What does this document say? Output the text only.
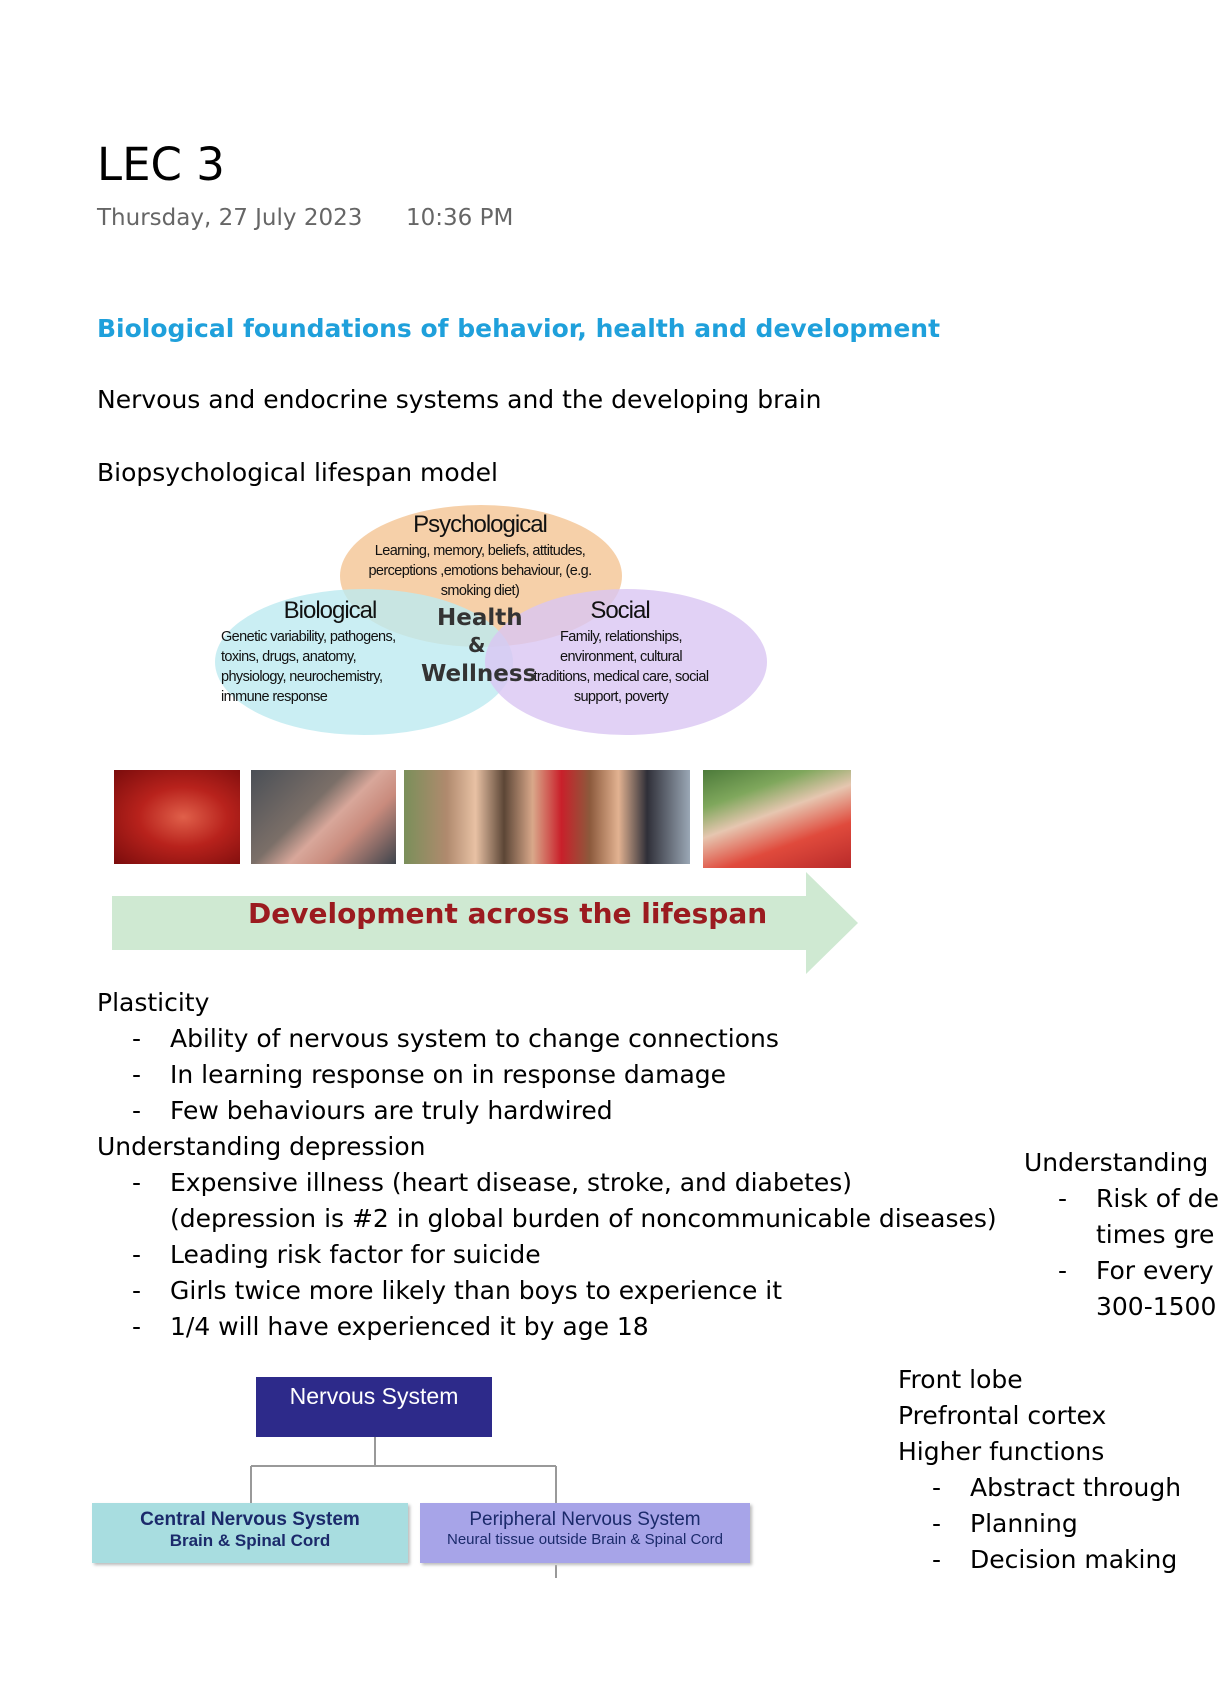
LEC 3
Thursday, 27 July 2023 10:36 PM
Biological foundations of behavior, health and development
Nervous and endocrine systems and the developing brain
Biopsychological lifespan model
Psychological
Learning, memory, beliefs, attitudes, perceptions ,emotions behaviour, (e.g. smoking diet)
Biological
Genetic variability, pathogens, toxins, drugs, anatomy, physiology, neurochemistry, immune response
Social
Family, relationships, environment, cultural traditions, medical care, social support, poverty
Health
&
Wellness
Development across the lifespan
Plasticity
- Ability of nervous system to change connections
- In learning response on in response damage
- Few behaviours are truly hardwired
Understanding depression
- Expensive illness (heart disease, stroke, and diabetes)
(depression is #2 in global burden of noncommunicable diseases)
- Leading risk factor for suicide
- Girls twice more likely than boys to experience it
- 1/4 will have experienced it by age 18
Understanding
- Risk of de
times gre
- For every
300-1500
Front lobe
Prefrontal cortex
Higher functions
- Abstract through
- Planning
- Decision making
Nervous System
Central Nervous System
Brain & Spinal Cord
Peripheral Nervous System
Neural tissue outside Brain & Spinal Cord
